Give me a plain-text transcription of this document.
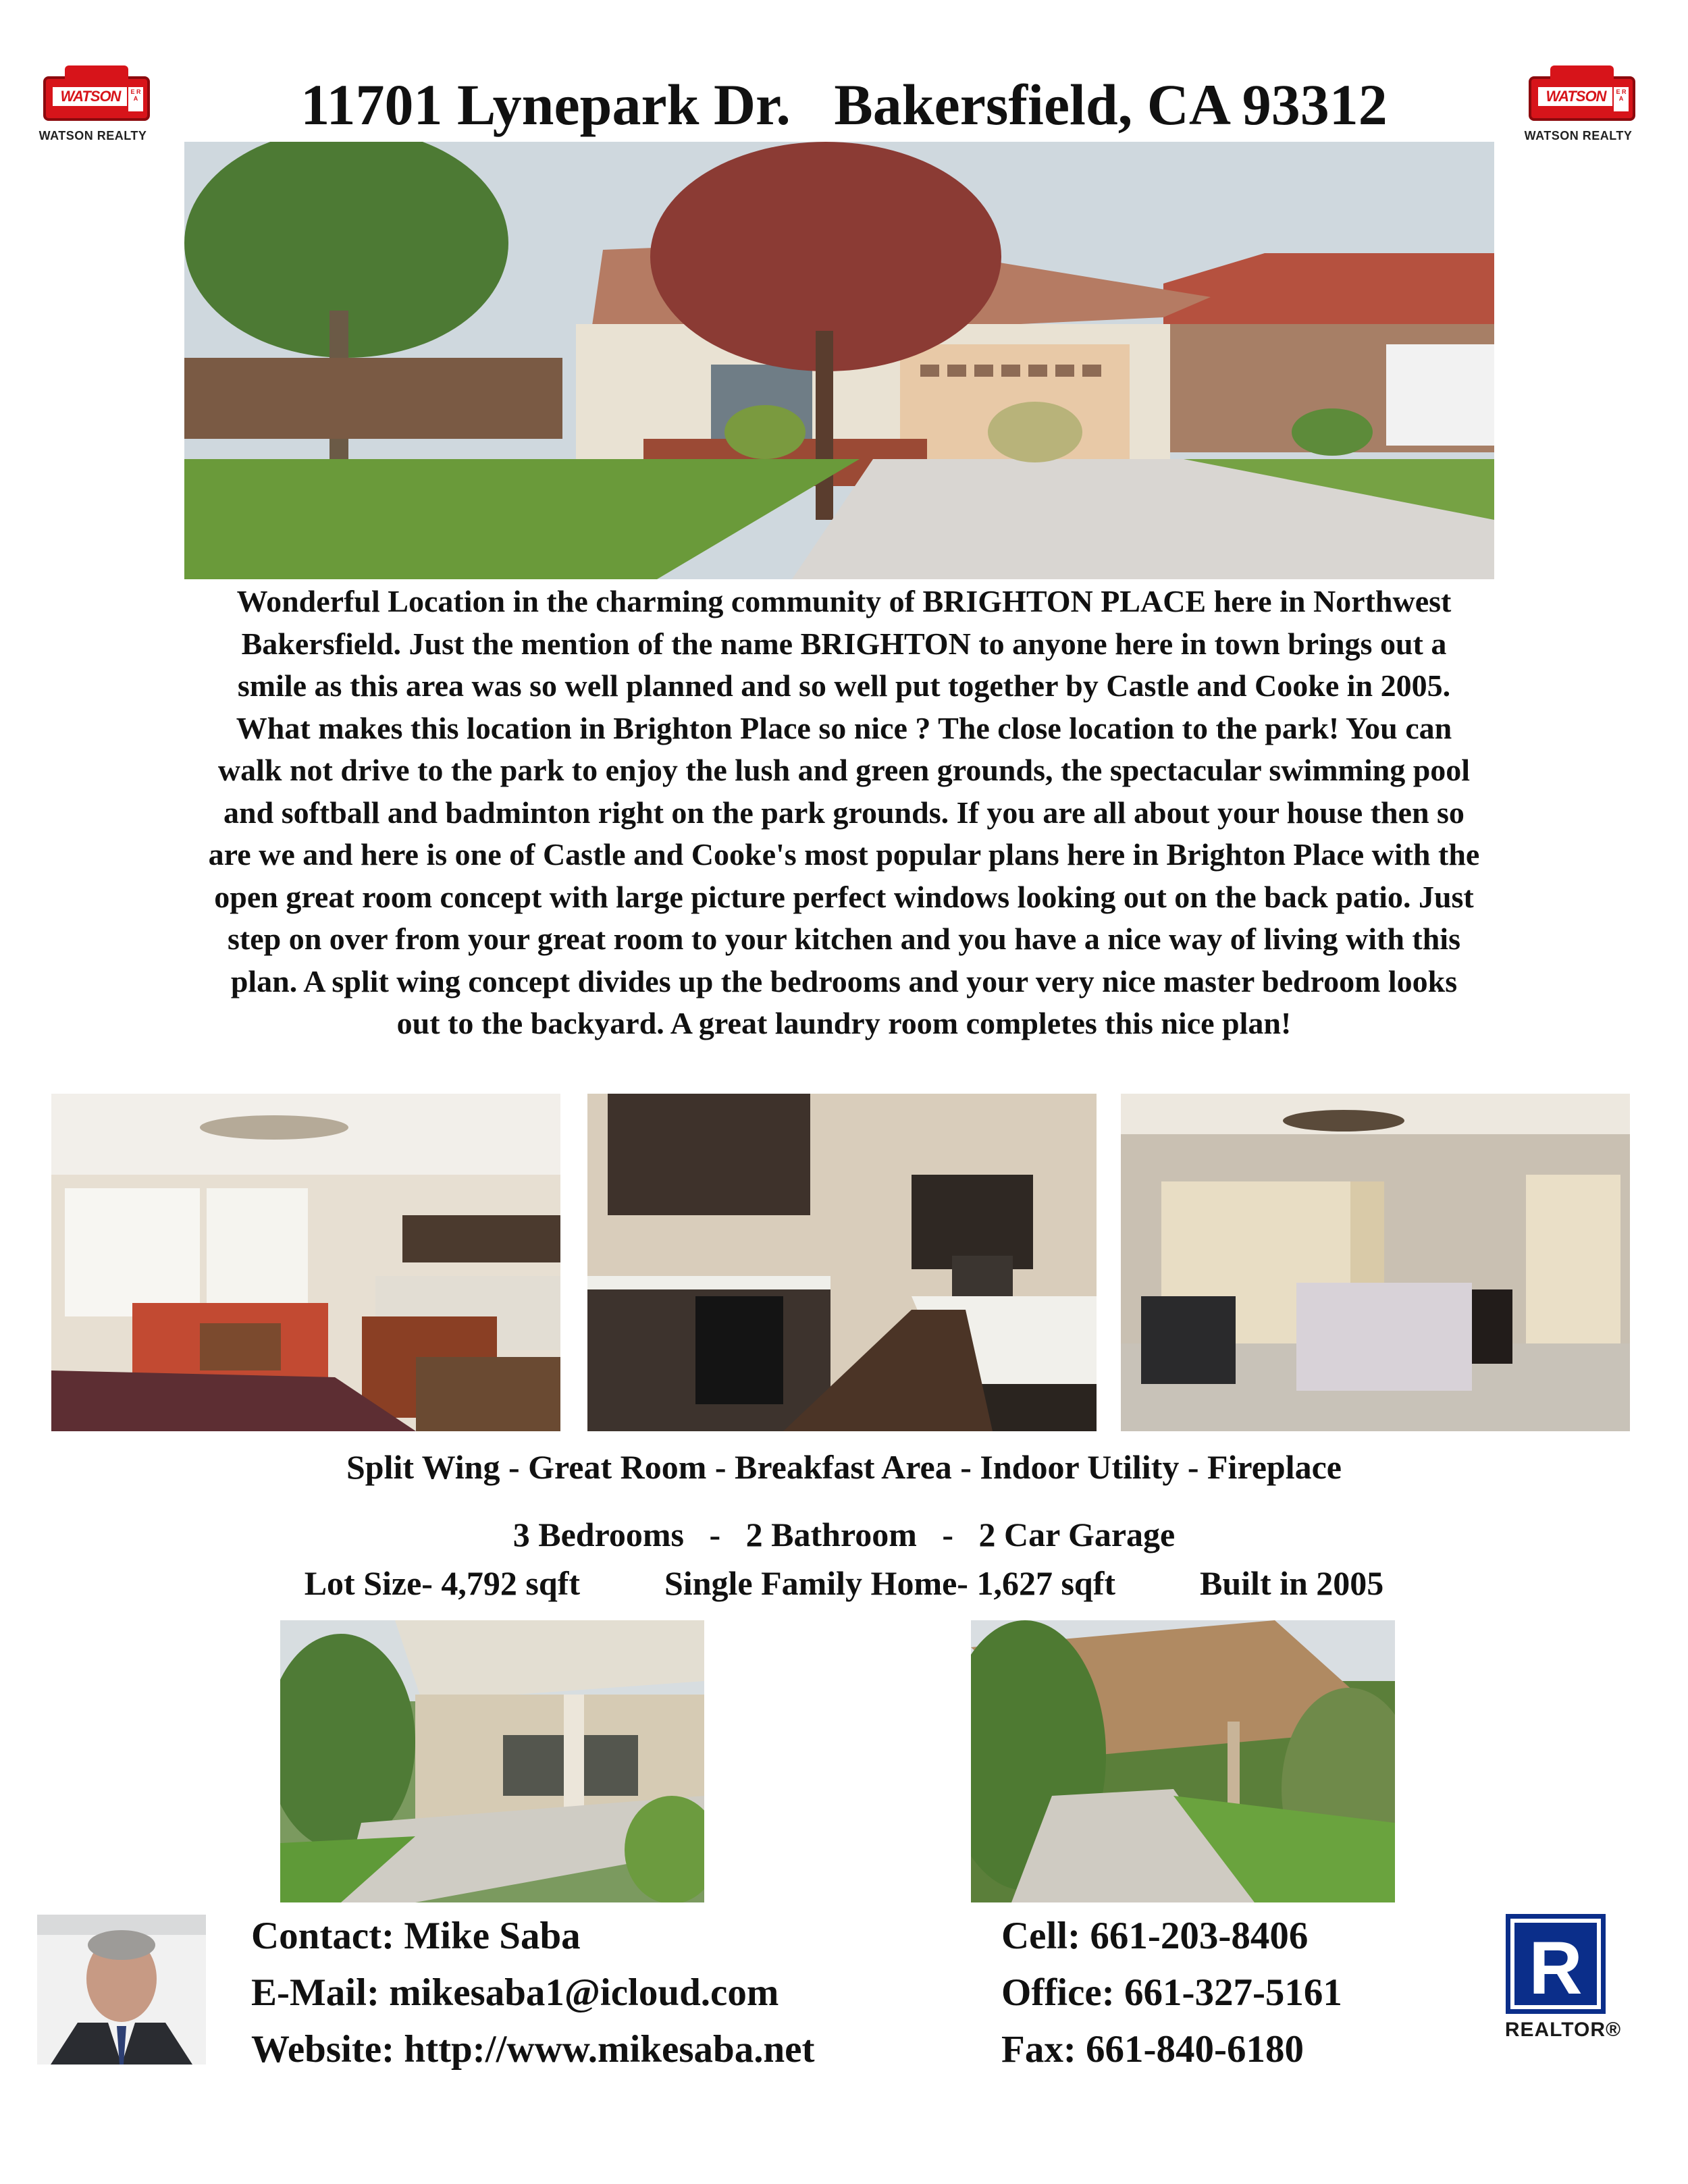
WATSON	E R A
WATSON REALTY
WATSON	E R A
WATSON REALTY
11701 Lynepark Dr.   Bakersfield, CA 93312
Wonderful Location in the charming community of BRIGHTON PLACE here in Northwest
Bakersfield. Just the mention of the name BRIGHTON to anyone here in town brings out a
smile as this area was so well planned and so well put together by Castle and Cooke in 2005.
What makes this location in Brighton Place so nice ? The close location to the park! You can
walk not drive to the park to enjoy the lush and green grounds, the spectacular swimming pool
and softball and badminton right on the park grounds. If you are all about your house then so
are we and here is one of Castle and Cooke's most popular plans here in Brighton Place with the
open great room concept with large picture perfect windows looking out on the back patio. Just
step on over from your great room to your kitchen and you have a nice way of living with this
plan. A split wing concept divides up the bedrooms and your very nice master bedroom looks
out to the backyard. A great laundry room completes this nice plan!
Split Wing - Great Room - Breakfast Area - Indoor Utility - Fireplace
3 Bedrooms   -   2 Bathroom   -   2 Car Garage
Lot Size- 4,792 sqft          Single Family Home- 1,627 sqft          Built in 2005
Contact: Mike Saba
E-Mail: mikesaba1@icloud.com
Website: http://www.mikesaba.net
Cell: 661-203-8406
Office: 661-327-5161
Fax: 661-840-6180
R
REALTOR®
